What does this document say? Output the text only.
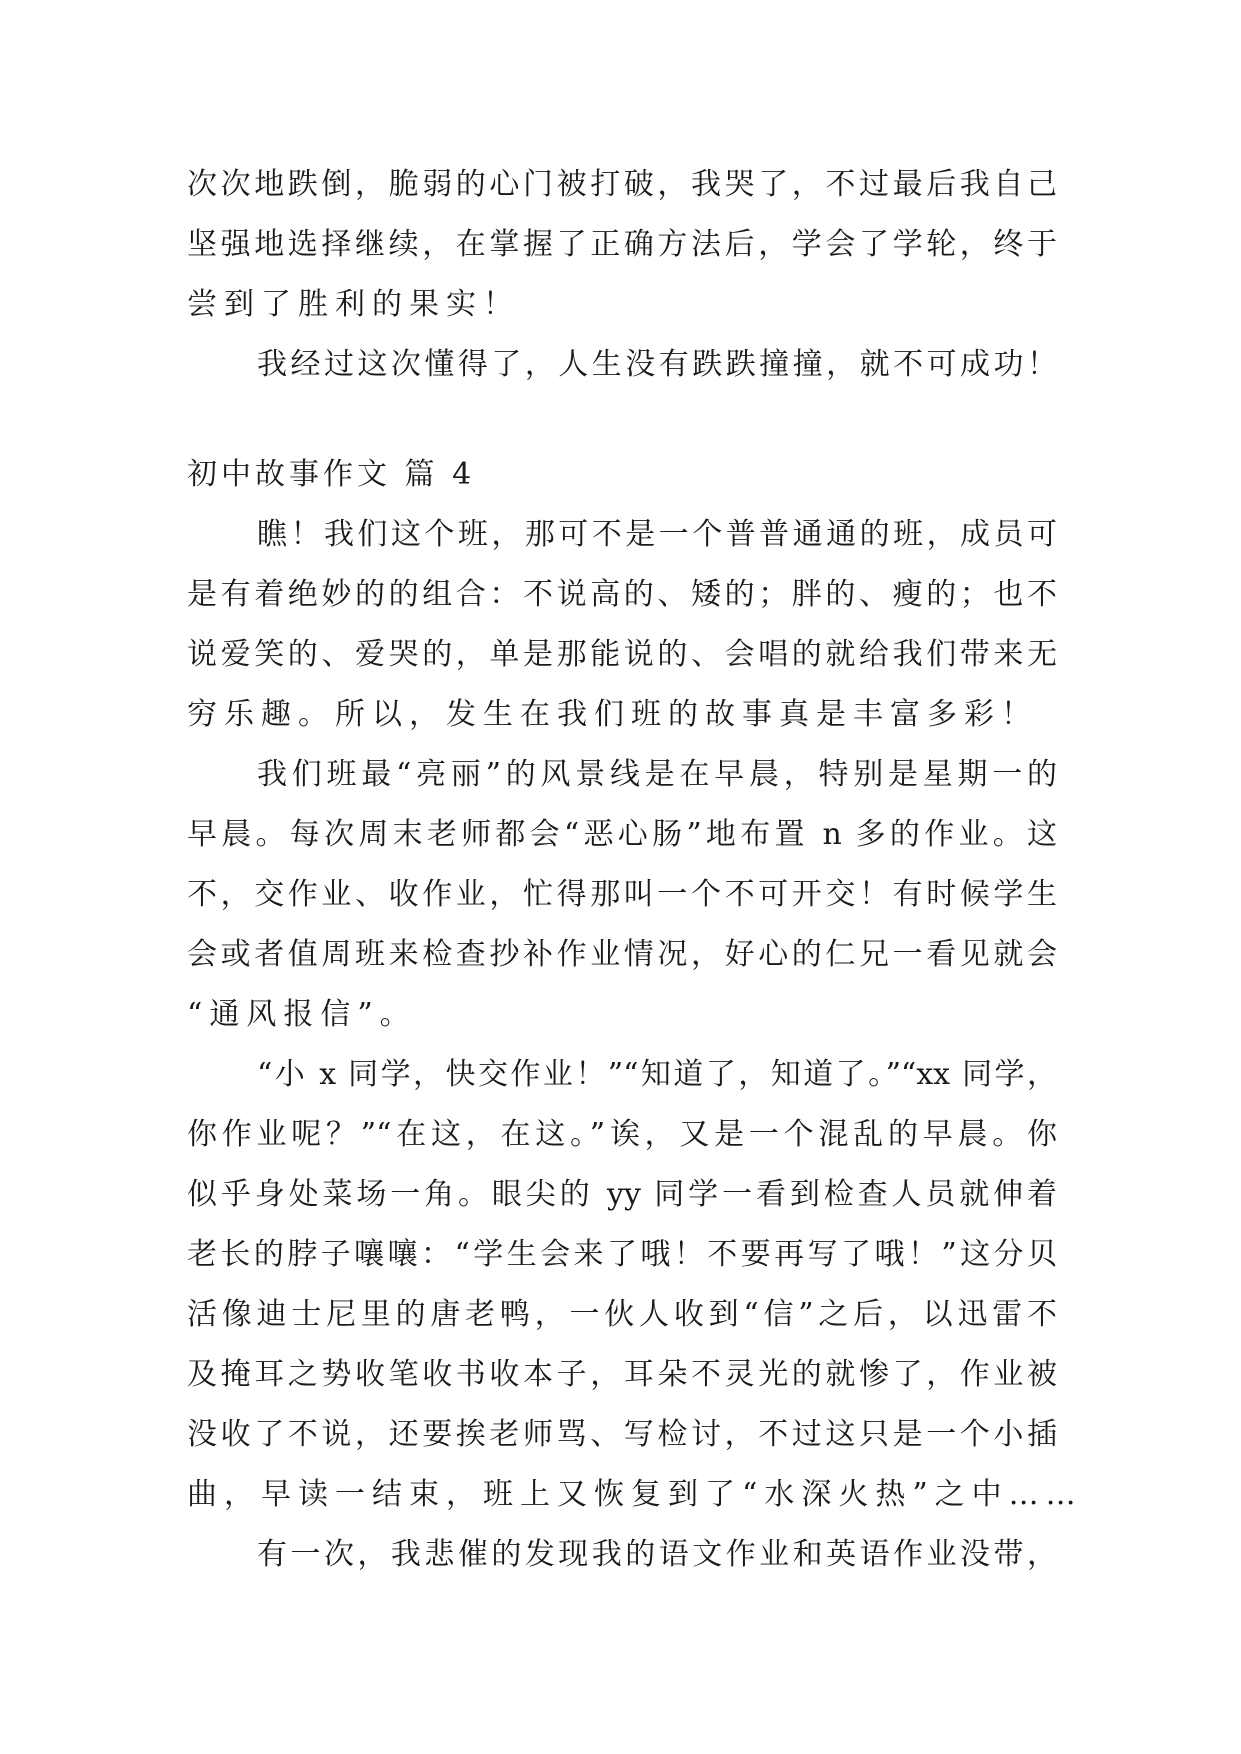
次次地跌倒，脆弱的心门被打破，我哭了，不过最后我自己
坚强地选择继续，在掌握了正确方法后，学会了学轮，终于
尝到了胜利的果实！
我经过这次懂得了，人生没有跌跌撞撞，就不可成功！
初中故事作文 篇 4
瞧！我们这个班，那可不是一个普普通通的班，成员可
是有着绝妙的的组合：不说高的、矮的；胖的、瘦的；也不
说爱笑的、爱哭的，单是那能说的、会唱的就给我们带来无
穷乐趣。所以，发生在我们班的故事真是丰富多彩！
我们班最“亮丽”的风景线是在早晨，特别是星期一的
早晨。每次周末老师都会“恶心肠”地布置 n 多的作业。这
不，交作业、收作业，忙得那叫一个不可开交！有时候学生
会或者值周班来检查抄补作业情况，好心的仁兄一看见就会
“通风报信”。
“小 x 同学，快交作业！”“知道了，知道了。”“xx 同学，
你作业呢？”“在这，在这。”诶，又是一个混乱的早晨。你
似乎身处菜场一角。眼尖的 yy 同学一看到检查人员就伸着
老长的脖子嚷嚷：“学生会来了哦！不要再写了哦！”这分贝
活像迪士尼里的唐老鸭，一伙人收到“信”之后，以迅雷不
及掩耳之势收笔收书收本子，耳朵不灵光的就惨了，作业被
没收了不说，还要挨老师骂、写检讨，不过这只是一个小插
曲，早读一结束，班上又恢复到了“水深火热”之中……
有一次，我悲催的发现我的语文作业和英语作业没带，
